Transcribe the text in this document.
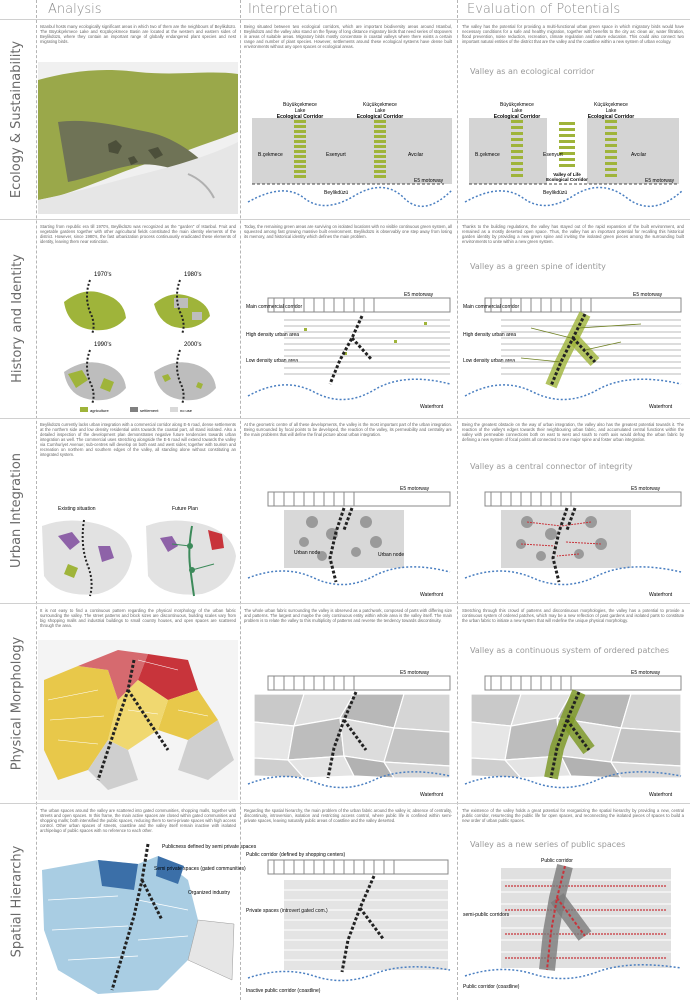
Analysis	Interpretation	Evaluation of Potentials
Ecology & Sustainability
History and Identity
Urban Integration
Physical Morphology
Spatial Hierarchy
Istanbul hosts many ecologically significant areas in which two of them are the neighbours of Beylikdüzü. The Büyükçekmece Lake and Küçükçekmece Basin are located at the western and eastern sides of Beylikdüzü, where they contain an important range of globally endangered plant species and nest migrating birds.
Being situated between two ecological corridors, which are important biodiversity areas around Istanbul, Beylikdüzü and the valley also stand on the flyway of long distance migratory birds that need series of stopovers in areas of suitable areas. Migratory birds mostly concentrate in coastal valleys where there exists a certain range and number of plant species. However, settlements around these ecological systems have dense built environments without any open spaces or ecological areas.
The valley has the potential for providing a multi-functional urban green space in which migratory birds would have necessary conditions for a safe and healthy migration, together with benefits to the city as: clean air, water filtration, flood prevention, noise reduction, recreation, climate regulation and nature education. This could also connect two important natural entities of the district that are the valley and the coastline within a new system of urban ecology.
Valley as an ecological corridor
Büyükçekmece
Lake
Ecological Corridor
Küçükçekmece
Lake
Ecological Corridor
B.çekmece	Esenyurt	Avcılar
E5 motorway
Beylikdüzü
Büyükçekmece
Lake
Ecological Corridor
Küçükçekmece
Lake
Ecological Corridor
B.çekmece	Avcılar
Esenyurt
Valley of Life
Ecological Corridor	E5 motorway
Beylikdüzü
Starting from republic era till 1970's, Beylikdüzü was recognized as the "garden" of Istanbul. Fruit and vegetable gardens together with other agricultural fields constituted the main identity elements of the district. However, since 1980's, the fast urbanization process continuously eradicated these elements of identity, leaving them near extinction.
Today, the remaining green areas are surviving on isolated locations with no visible continuous green system, all squeezed among fast growing massive built environment. Beylikdüzü is observably one step away from losing its memory, and historical identity which defines the main problem.
Thanks to the building regulations, the valley has stayed out of the rapid expansion of the built environment, and remained as a mostly deserted open space. Thus, the valley has an important potential for recalling this historical garden identity by providing a new green spine and inviting the isolated green pieces among the surrounding built environments to unite within a new green system.
Valley as a green spine of identity
1970's	1980's
1990's	2000's
agriculture	settlement	no use
E5 motorway
Main commercial corridor
High density urban area
Low density urban area
Waterfront
E5 motorway
Main commercial corridor
High density urban area
Low density urban area
Waterfront
Beylikdüzü currently lacks urban integration with a commercial corridor along E-5 road, dense settlements at the northern side and low density residential units towards the coastal part, all stand isolated. Also a detailed inspection of the development plan demonstrates negative future tendencies towards urban integration as well. The commercial uses stretching alongside the E-5 road will extend towards the valley via Cumhuriyet Avenue; sub-centres will develop on both east and west sides; together with tourism and recreation on northern and southern edges of the valley, all standing alone without constituting an integrated system.
At the geometric centre of all these developments, the valley is the most important part of the urban integration. Being surrounded by focal points to be developed, the reaction of the valley, its permeability and centrality are the main problems that will define the final picture about urban integration.
Being the greatest obstacle on the way of urban integration, the valley also has the greatest potential towards it. The reaction of the valley's edges towards their neighbouring urban fabric, and accumulated central functions within the valley with permeable connections both on east to west and south to north axis would defrag the urban fabric by defining a new system of focal points all connected to one major spine and foster urban integration.
Valley as a central connector of integrity
Existing situation	Future Plan
E5 motorway
Urban node	Urban node
Waterfront
E5 motorway
Waterfront
It is not easy to find a continuous pattern regarding the physical morphology of the urban fabric surrounding the valley. The street patterns and block sizes are discontinuous, building scales vary from big shopping malls and industrial buildings to small country houses, and open spaces are scattered through the area.
The whole urban fabric surrounding the valley is observed as a patchwork, composed of parts with differing size and patterns. The largest and maybe the only continuous entity within whole area is the valley itself. The main problem is to relate the valley to this multiplicity of patterns and reverse the tendency towards discontinuity.
Stretching through this crowd of patterns and discontinuous morphologies, the valley has a potential to provide a continuous system of ordered patches, which may be a new reflection of past gardens and isolated parts to constitute the urban fabric to initiate a new system that will redefine the unique physical morphology.
Valley as a continuous system of ordered patches
E5 motorway
Waterfront
E5 motorway
Waterfront
The urban spaces around the valley are scattered into gated communities, shopping malls, together with streets and open spaces. In this frame, the main active spaces are closed within gated communities and shopping malls; both intensified the public spaces, reducing them to semi-private spaces with high access control. Other urban spaces of streets, coastline and the valley itself remain inactive with isolated archipelago of public spaces with no reference to each other.
Regarding the spatial hierarchy, the main problem of the urban fabric around the valley is; absence of centrality, discontinuity, introversion, isolation and restricting access control, where public life is confined within semi-private spaces, leaving naturally public areas of coastline and the valley deserted.
The existence of the valley holds a great potential for reorganizing the spatial hierarchy by providing a new, central public corridor, resurrecting the public life for open spaces, and reconnecting the isolated pieces of spaces to build a new order of urban public spaces.
Valley as a new series of public spaces
Publicness defined by semi private spaces
Semi private spaces (gated communities)
Organized industry
Public corridor (defined by shopping centers)
Private spaces (introvert gated com.)
Inactive public corridor (coastline)
Public corridor
semi-public corridors
Public corridor (coastline)
